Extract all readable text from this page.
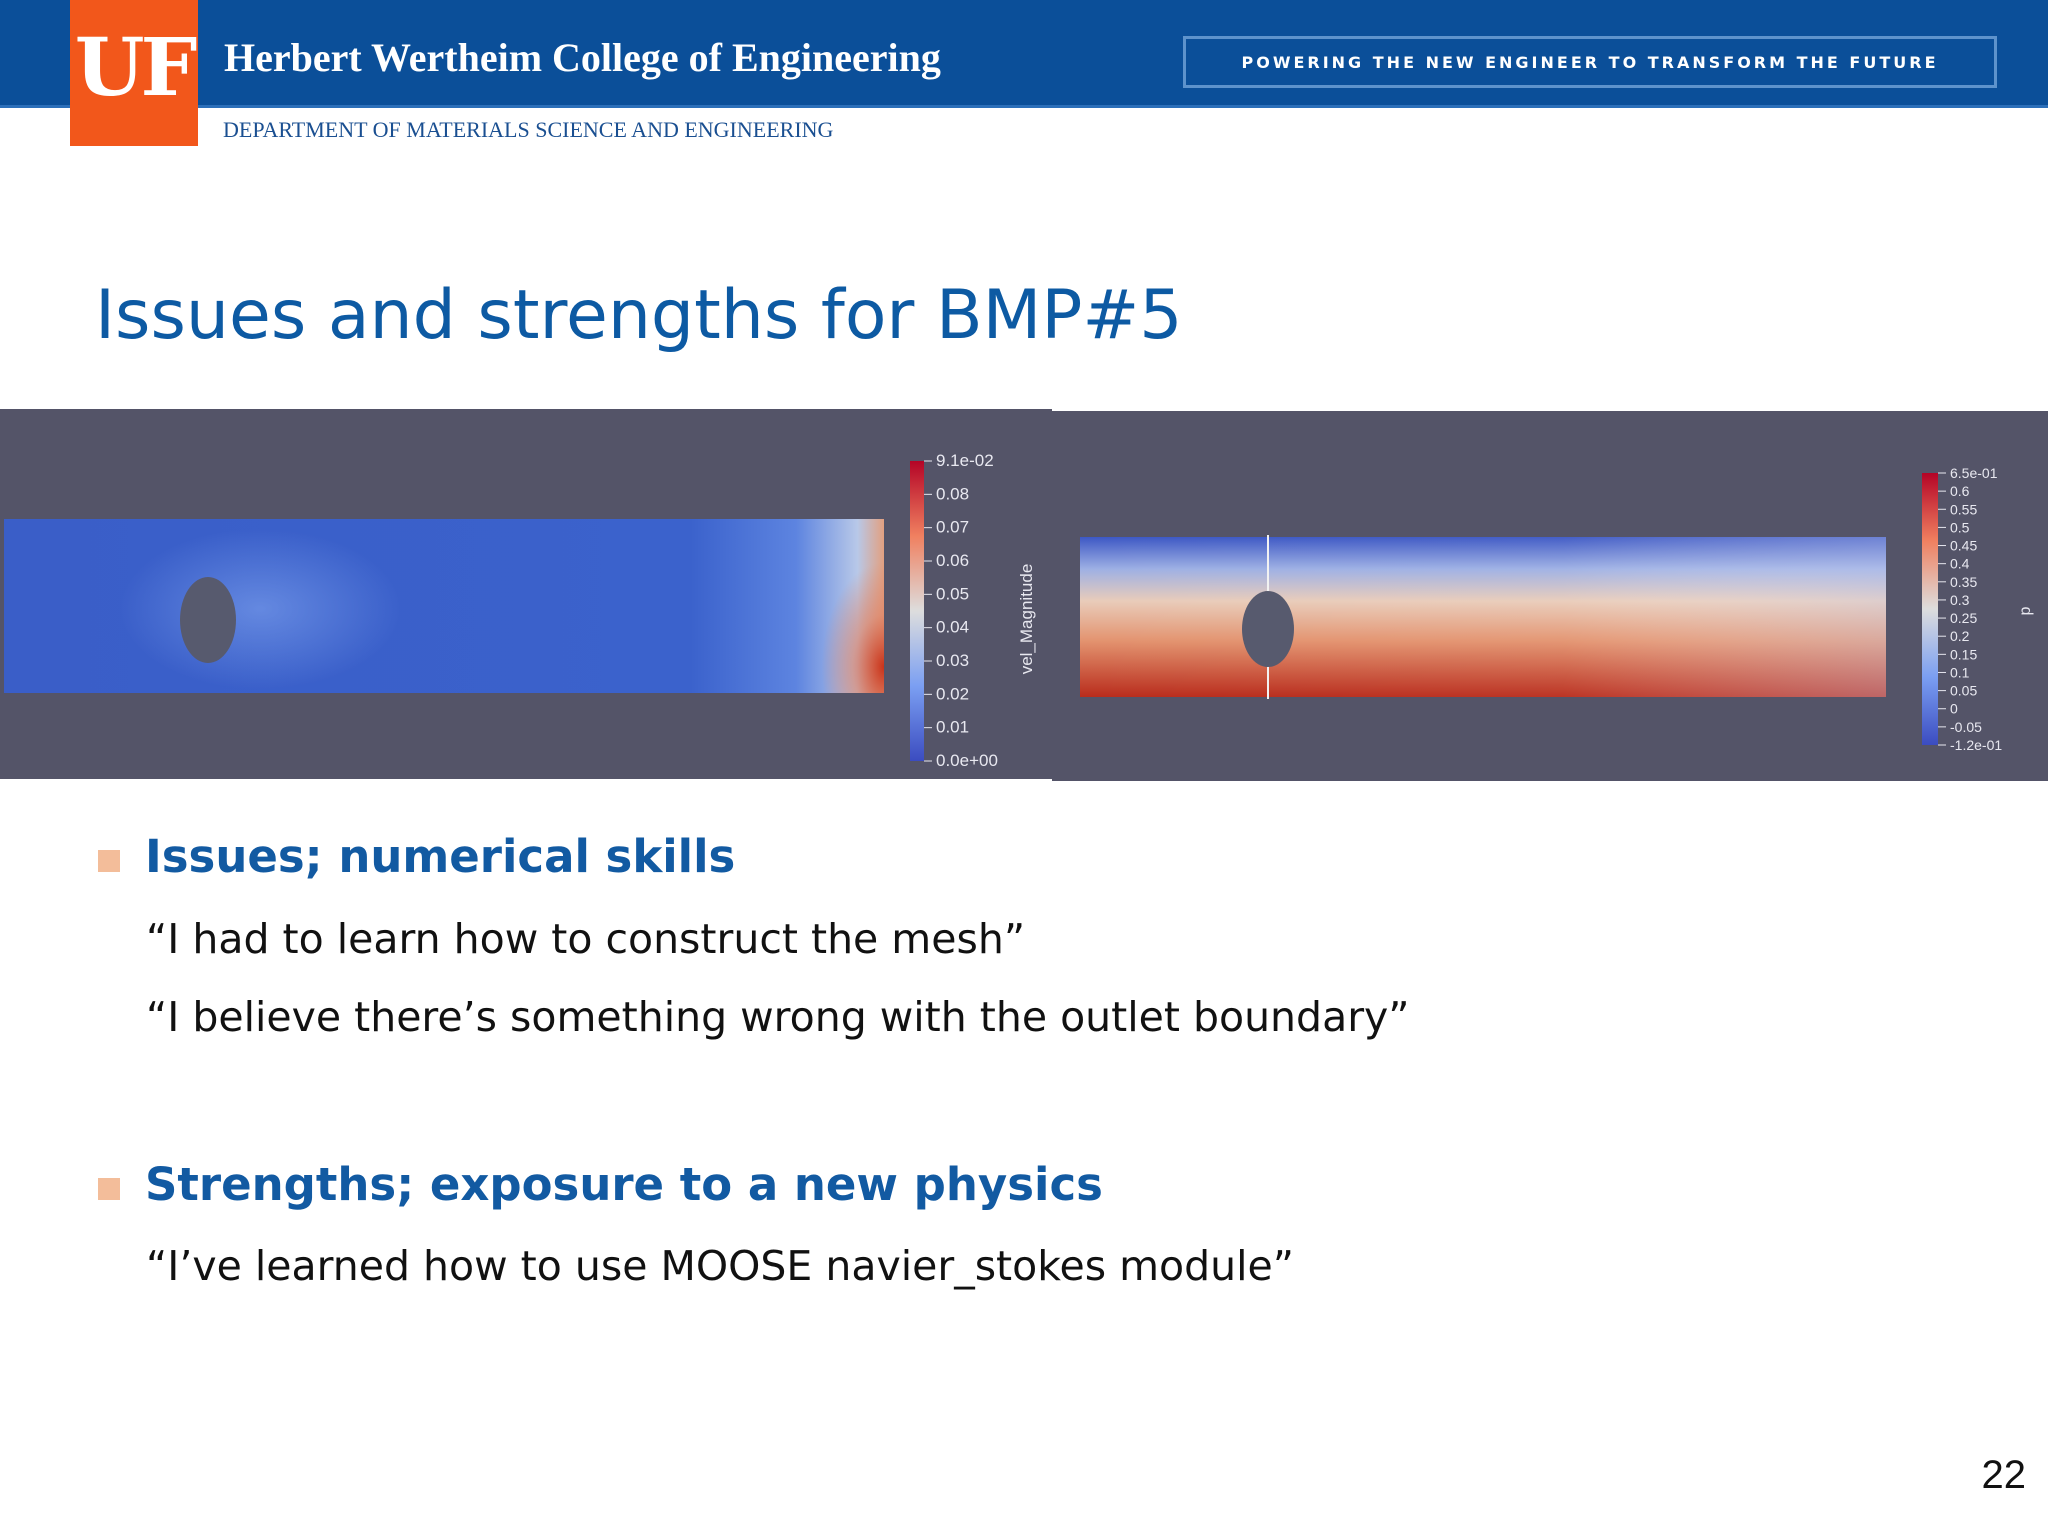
Herbert Wertheim College of Engineering	POWERING THE NEW ENGINEER TO TRANSFORM THE FUTURE
UF
DEPARTMENT OF MATERIALS SCIENCE AND ENGINEERING
Issues and strengths for BMP#5
9.1e-02
0.08
0.07
0.06
0.05
0.04
0.03
0.02
0.01
0.0e+00
vel_Magnitude
6.5e-01
0.6
0.55
0.5
0.45
0.4
0.35
0.3
0.25
0.2
0.15
0.1
0.05
0
-0.05
-1.2e-01
p
Issues; numerical skills
“I had to learn how to construct the mesh”
“I believe there’s something wrong with the outlet boundary”
Strengths; exposure to a new physics
“I’ve learned how to use MOOSE navier_stokes module”
22
